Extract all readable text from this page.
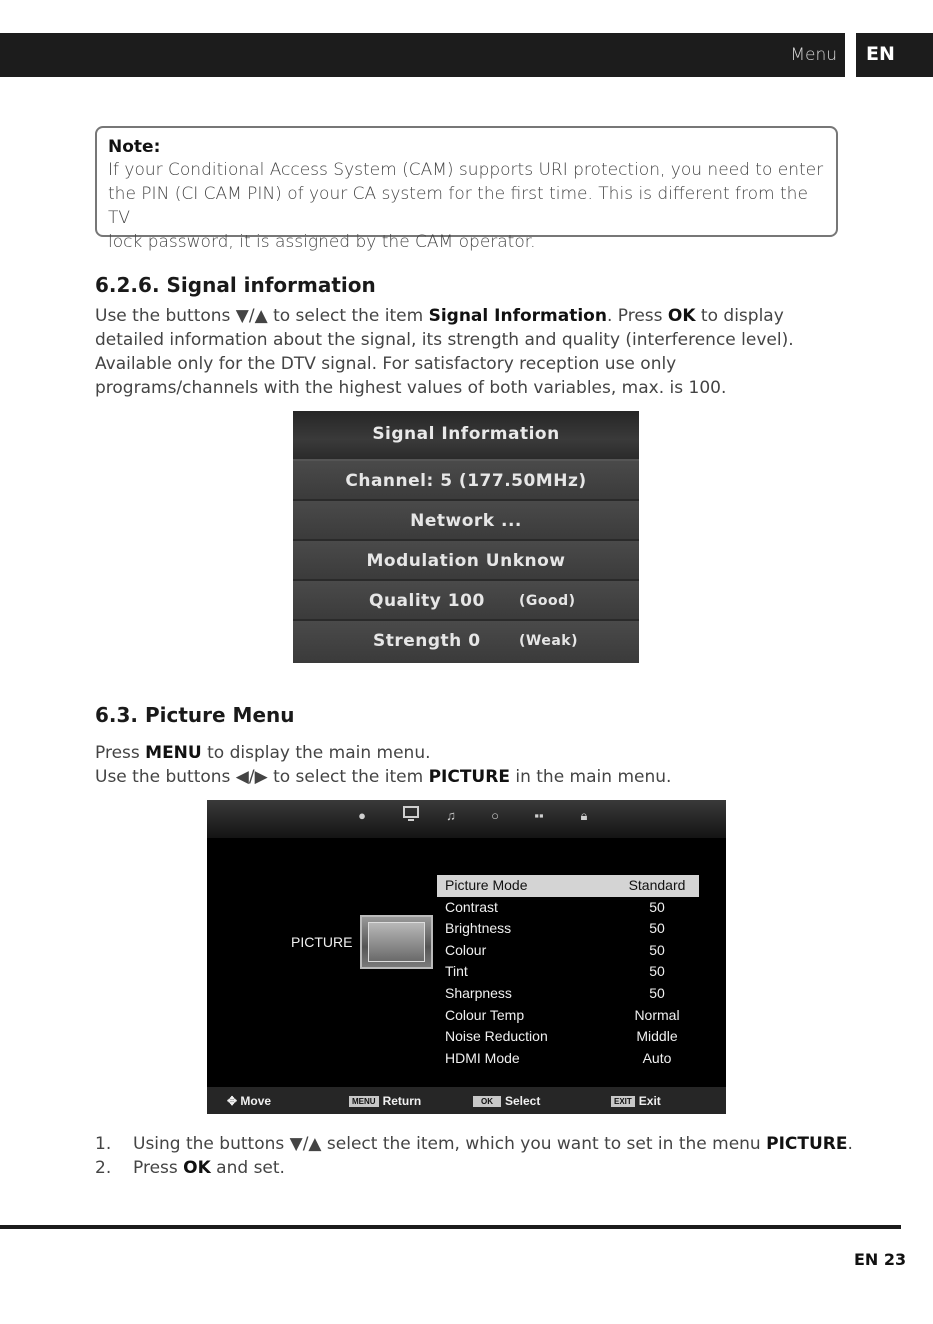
Menu	EN
Note:
If your Conditional Access System (CAM) supports URI protection, you need to enter
the PIN (CI CAM PIN) of your CA system for the first time. This is different from the TV
lock password, it is assigned by the CAM operator.
6.2.6. Signal information
Use the buttons ▼/▲ to select the item Signal Information. Press OK to display detailed information about the signal, its strength and quality (interference level). Available only for the DTV signal. For satisfactory reception use only programs/channels with the highest values of both variables, max. is 100.
Signal Information
Channel: 5 (177.50MHz)
Network ...
Modulation Unknow
Quality 100 (Good)
Strength 0	(Weak)
6.3. Picture Menu
Press MENU to display the main menu.
Use the buttons ◀/▶ to select the item PICTURE in the main menu.
●	♫	○	▪▪	🔒︎
PICTURE
Picture Mode	Standard
Contrast	50
Brightness	50
Colour	50
Tint	50
Sharpness	50
Colour Temp	Normal
Noise Reduction	Middle
HDMI Mode	Auto
✥ Move	MENU Return	OK Select	EXIT Exit
1. Using the buttons ▼/▲ select the item, which you want to set in the menu PICTURE.
2. Press OK and set.
EN 23
